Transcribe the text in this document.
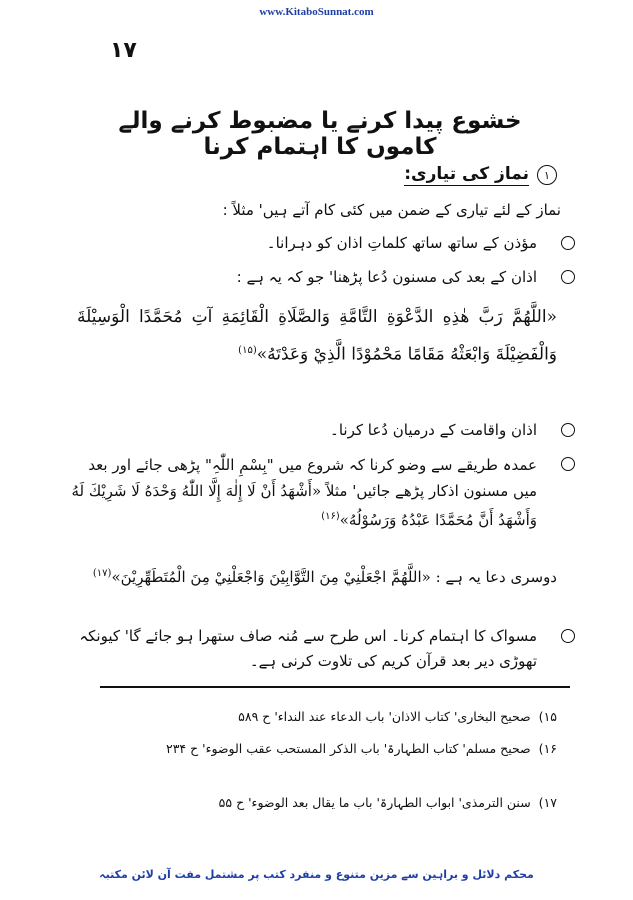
www.KitaboSunnat.com
۱۷
خشوع پیدا کرنے یا مضبوط کرنے والے کاموں کا اہتمام کرنا
۱
نماز کی تیاری:
نماز کے لئے تیاری کے ضمن میں کئی کام آتے ہیں' مثلاً :
مؤذن کے ساتھ ساتھ کلماتِ اذان کو دہرانا۔
اذان کے بعد کی مسنون دُعا پڑھنا' جو کہ یہ ہے :
«اللَّهُمَّ رَبَّ هٰذِهِ الدَّعْوَةِ التَّامَّةِ وَالصَّلَاةِ الْقَائِمَةِ آتِ مُحَمَّدًا الْوَسِيْلَةَ وَالْفَضِيْلَةَ وَابْعَثْهُ مَقَامًا مَحْمُوْدًا الَّذِيْ وَعَدْتَهُ»$^{(۱۵)}$
اذان واقامت کے درمیان دُعا کرنا۔
عمدہ طریقے سے وضو کرنا کہ شروع میں "بِسْمِ اللّٰہِ" پڑھی جائے اور بعد میں مسنون اذکار پڑھے جائیں' مثلاً «أَشْهَدُ أَنْ لَا إِلٰهَ إِلَّا اللّٰهُ وَحْدَهُ لَا شَرِيْكَ لَهُ وَأَشْهَدُ أَنَّ مُحَمَّدًا عَبْدُهُ وَرَسُوْلُهُ»$^{(۱۶)}$
دوسری دعا یہ ہے : «اللَّهُمَّ اجْعَلْنِيْ مِنَ التَّوَّابِيْنَ وَاجْعَلْنِيْ مِنَ الْمُتَطَهِّرِيْنَ»$^{(۱۷)}$
مسواک کا اہتمام کرنا۔ اس طرح سے مُنہ صاف ستھرا ہو جائے گا' کیونکہ تھوڑی دیر بعد قرآن کریم کی تلاوت کرنی ہے۔
۱۵)صحیح البخاری' کتاب الاذان' باب الدعاء عند النداء' ح ۵۸۹
۱۶)صحیح مسلم' کتاب الطہارۃ' باب الذکر المستحب عقب الوضوء' ح ۲۳۴
۱۷)سنن الترمذی' ابواب الطہارۃ' باب ما یقال بعد الوضوء' ح ۵۵
محکم دلائل و براہین سے مزین متنوع و منفرد کتب پر مشتمل مفت آن لائن مکتبہ
